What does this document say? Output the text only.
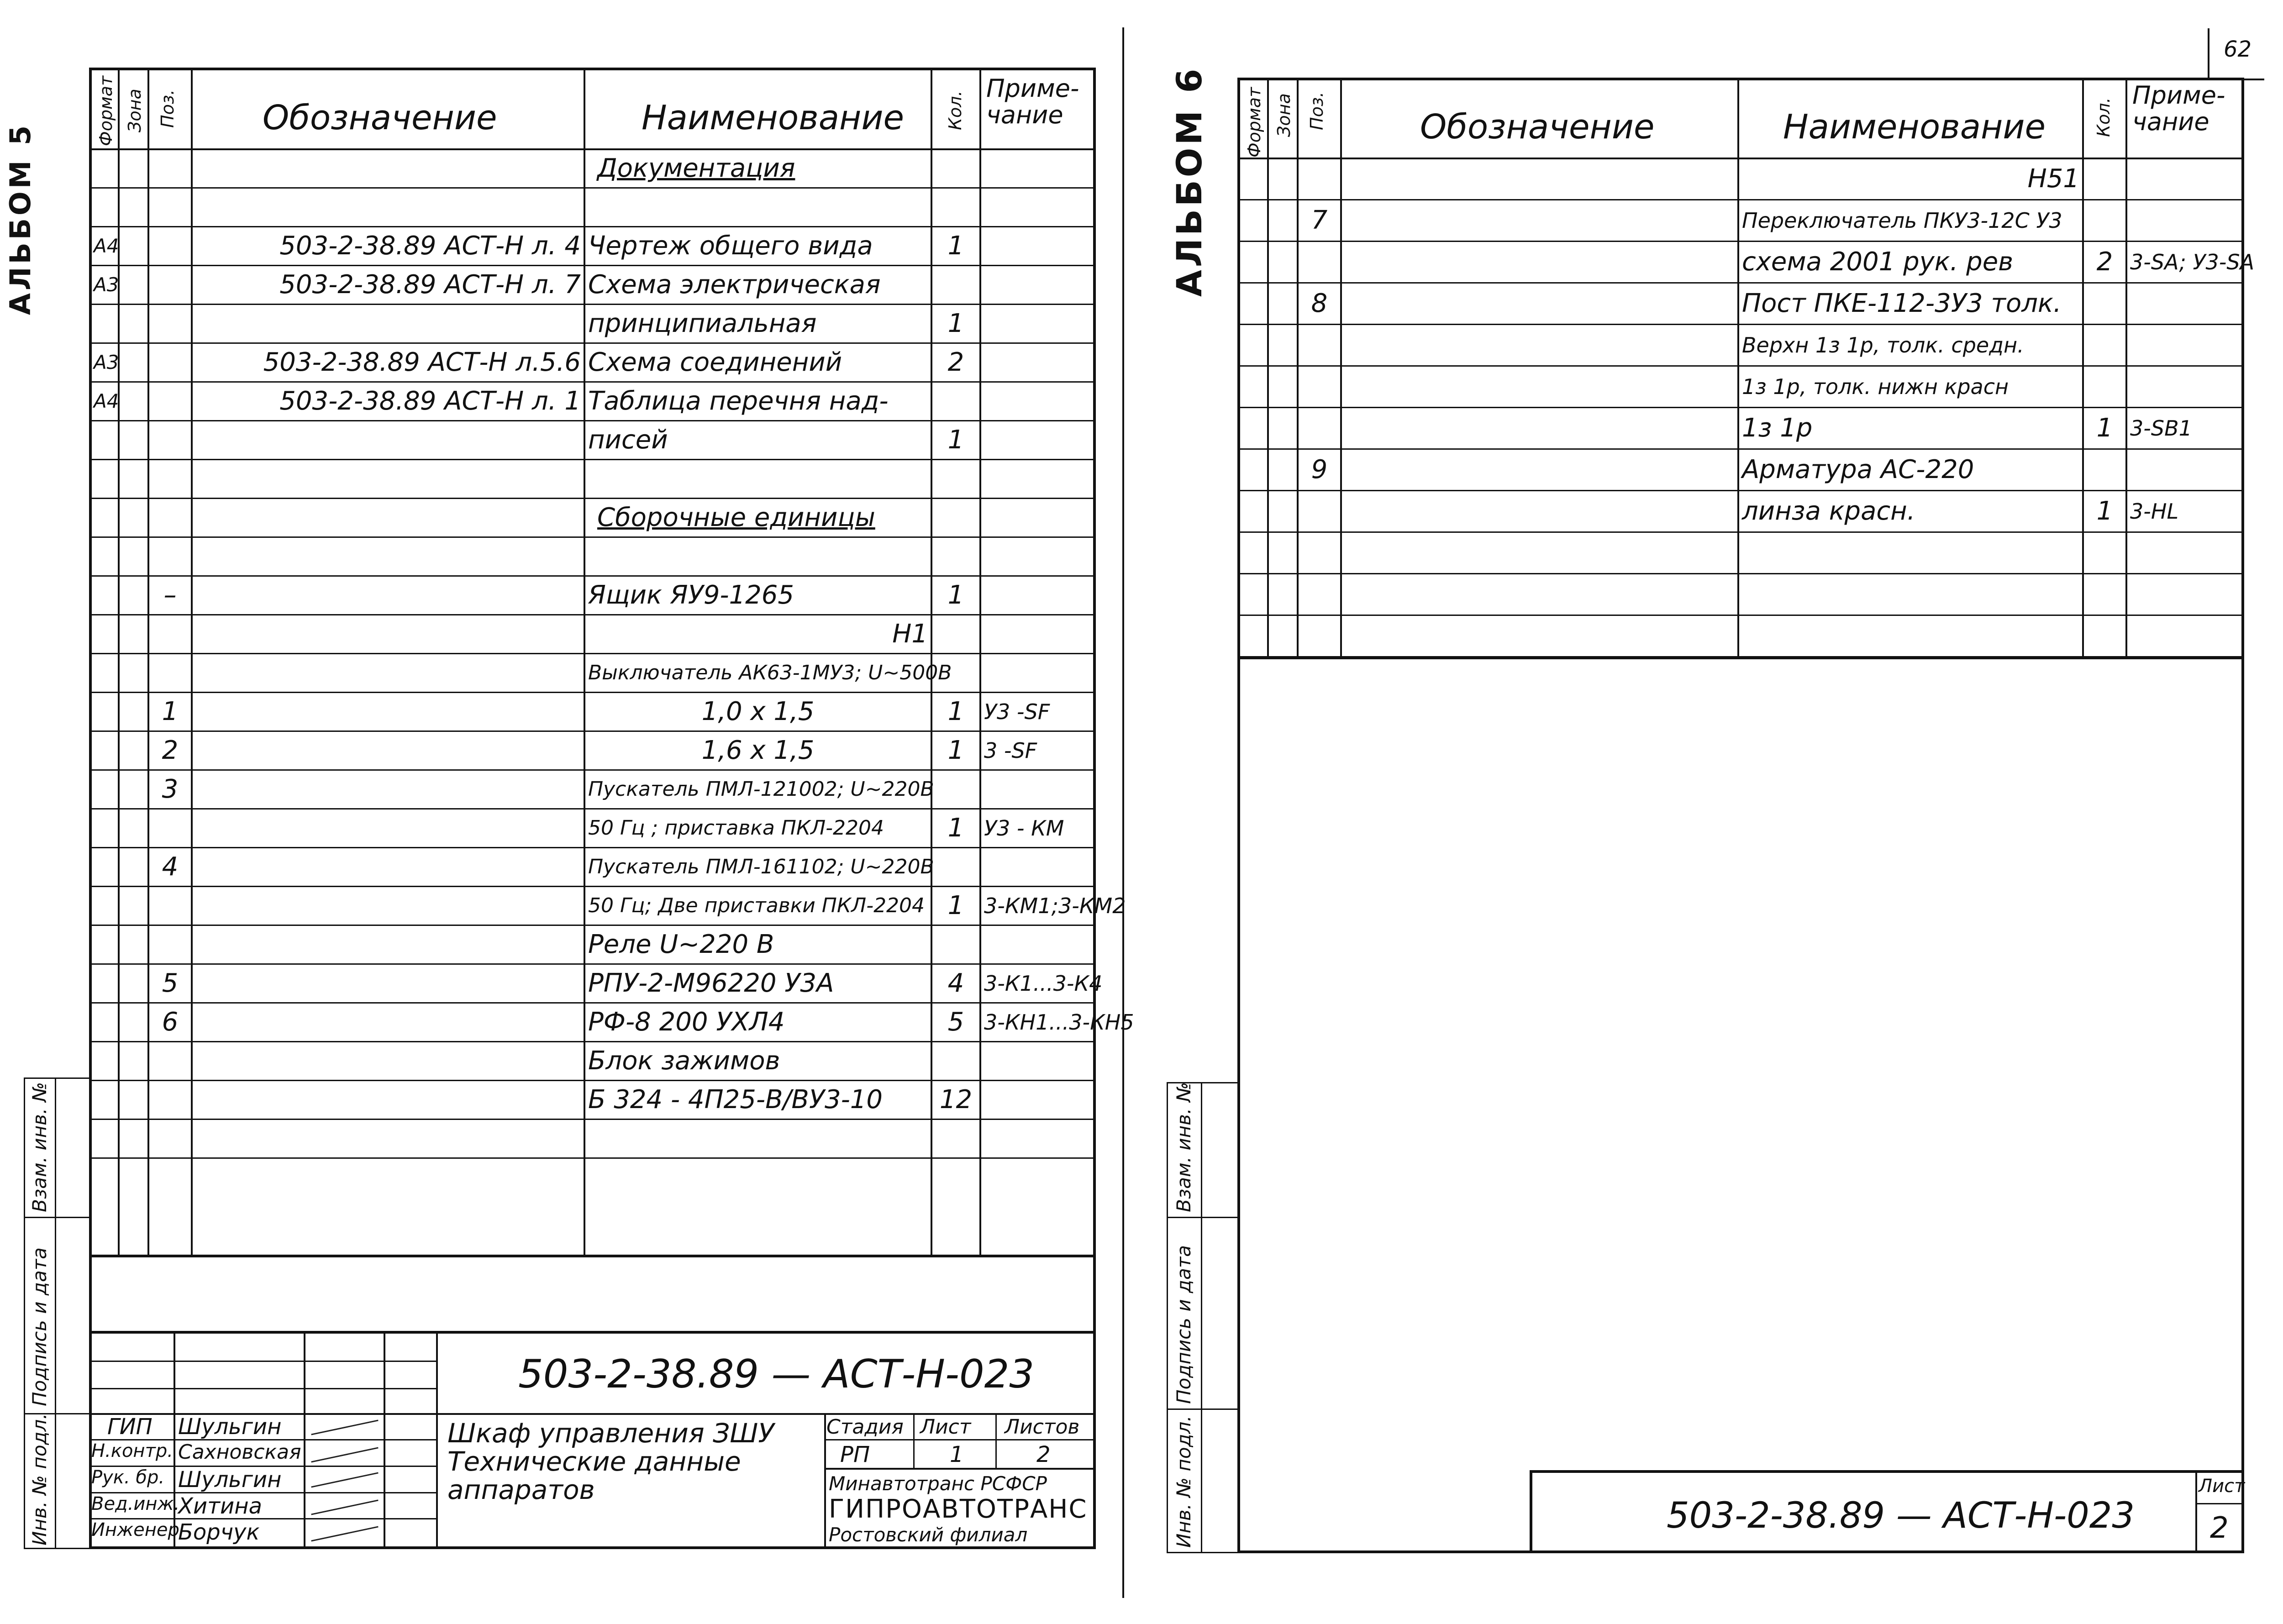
АЛЬБОМ 5
Формат Зона Поз.	Обозначение	Наименование Кол.
Приме-
чание
Документация
А4	503-2-38.89 АСТ-Н л. 4 Чертеж общего вида	1
А3	503-2-38.89 АСТ-Н л. 7 Схема электрическая
принципиальная	1
А3	503-2-38.89 АСТ-Н л.5.6 Схема соединений	2
А4	503-2-38.89 АСТ-Н л. 1 Таблица перечня над-
писей	1
Сборочные единицы
–	Ящик ЯУ9-1265	1
Н1
Выключатель АК63-1МУ3; U~500В
1	1,0 х 1,5	1 У3 -SF
2	1,6 х 1,5	1 3 -SF
3	Пускатель ПМЛ-121002; U~220В
50 Гц ; приставка ПКЛ-2204	1 У3 - КМ
4	Пускатель ПМЛ-161102; U~220В
50 Гц; Две приставки ПКЛ-2204 1 3-КМ1;3-КМ2
Реле U~220 В
5	РПУ-2-М96220 У3А	4 3-К1...3-К4
6	РФ-8 200 УХЛ4	5 3-КН1...3-КН5
Блок зажимов
Б 324 - 4П25-В/ВУ3-10	12
Инв. № подл.
Подпись и дата
Взам. инв. №
503-2-38.89 — АСТ-Н-023
ГИП
Н.контр.
Рук. бр.
Вед.инж.
Инженер
Шульгин
Сахновская
Шульгин
Хитина
Борчук
Шкаф управления ЗШУ
Технические данные
аппаратов
Стадия Лист Листов
РП	1	2
Минавтотранс РСФСР
ГИПРОАВТОТРАНС
Ростовский филиал
АЛЬБОМ 6
62
Формат Зона Поз.	Обозначение	Наименование	Кол.
Приме-
чание
Н51
7	Переключатель ПКУ3-12С У3
схема 2001 рук. рев	2 3-SA; У3-SA
8	Пост ПКЕ-112-3У3 толк.
Верхн 1з 1р, толк. средн.
1з 1р, толк. нижн красн
1з 1р	1 3-SB1
9	Арматура АС-220
линза красн.	1 3-НL
Инв. № подл.
Подпись и дата
Взам. инв. №
503-2-38.89 — АСТ-Н-023
Лист
2
